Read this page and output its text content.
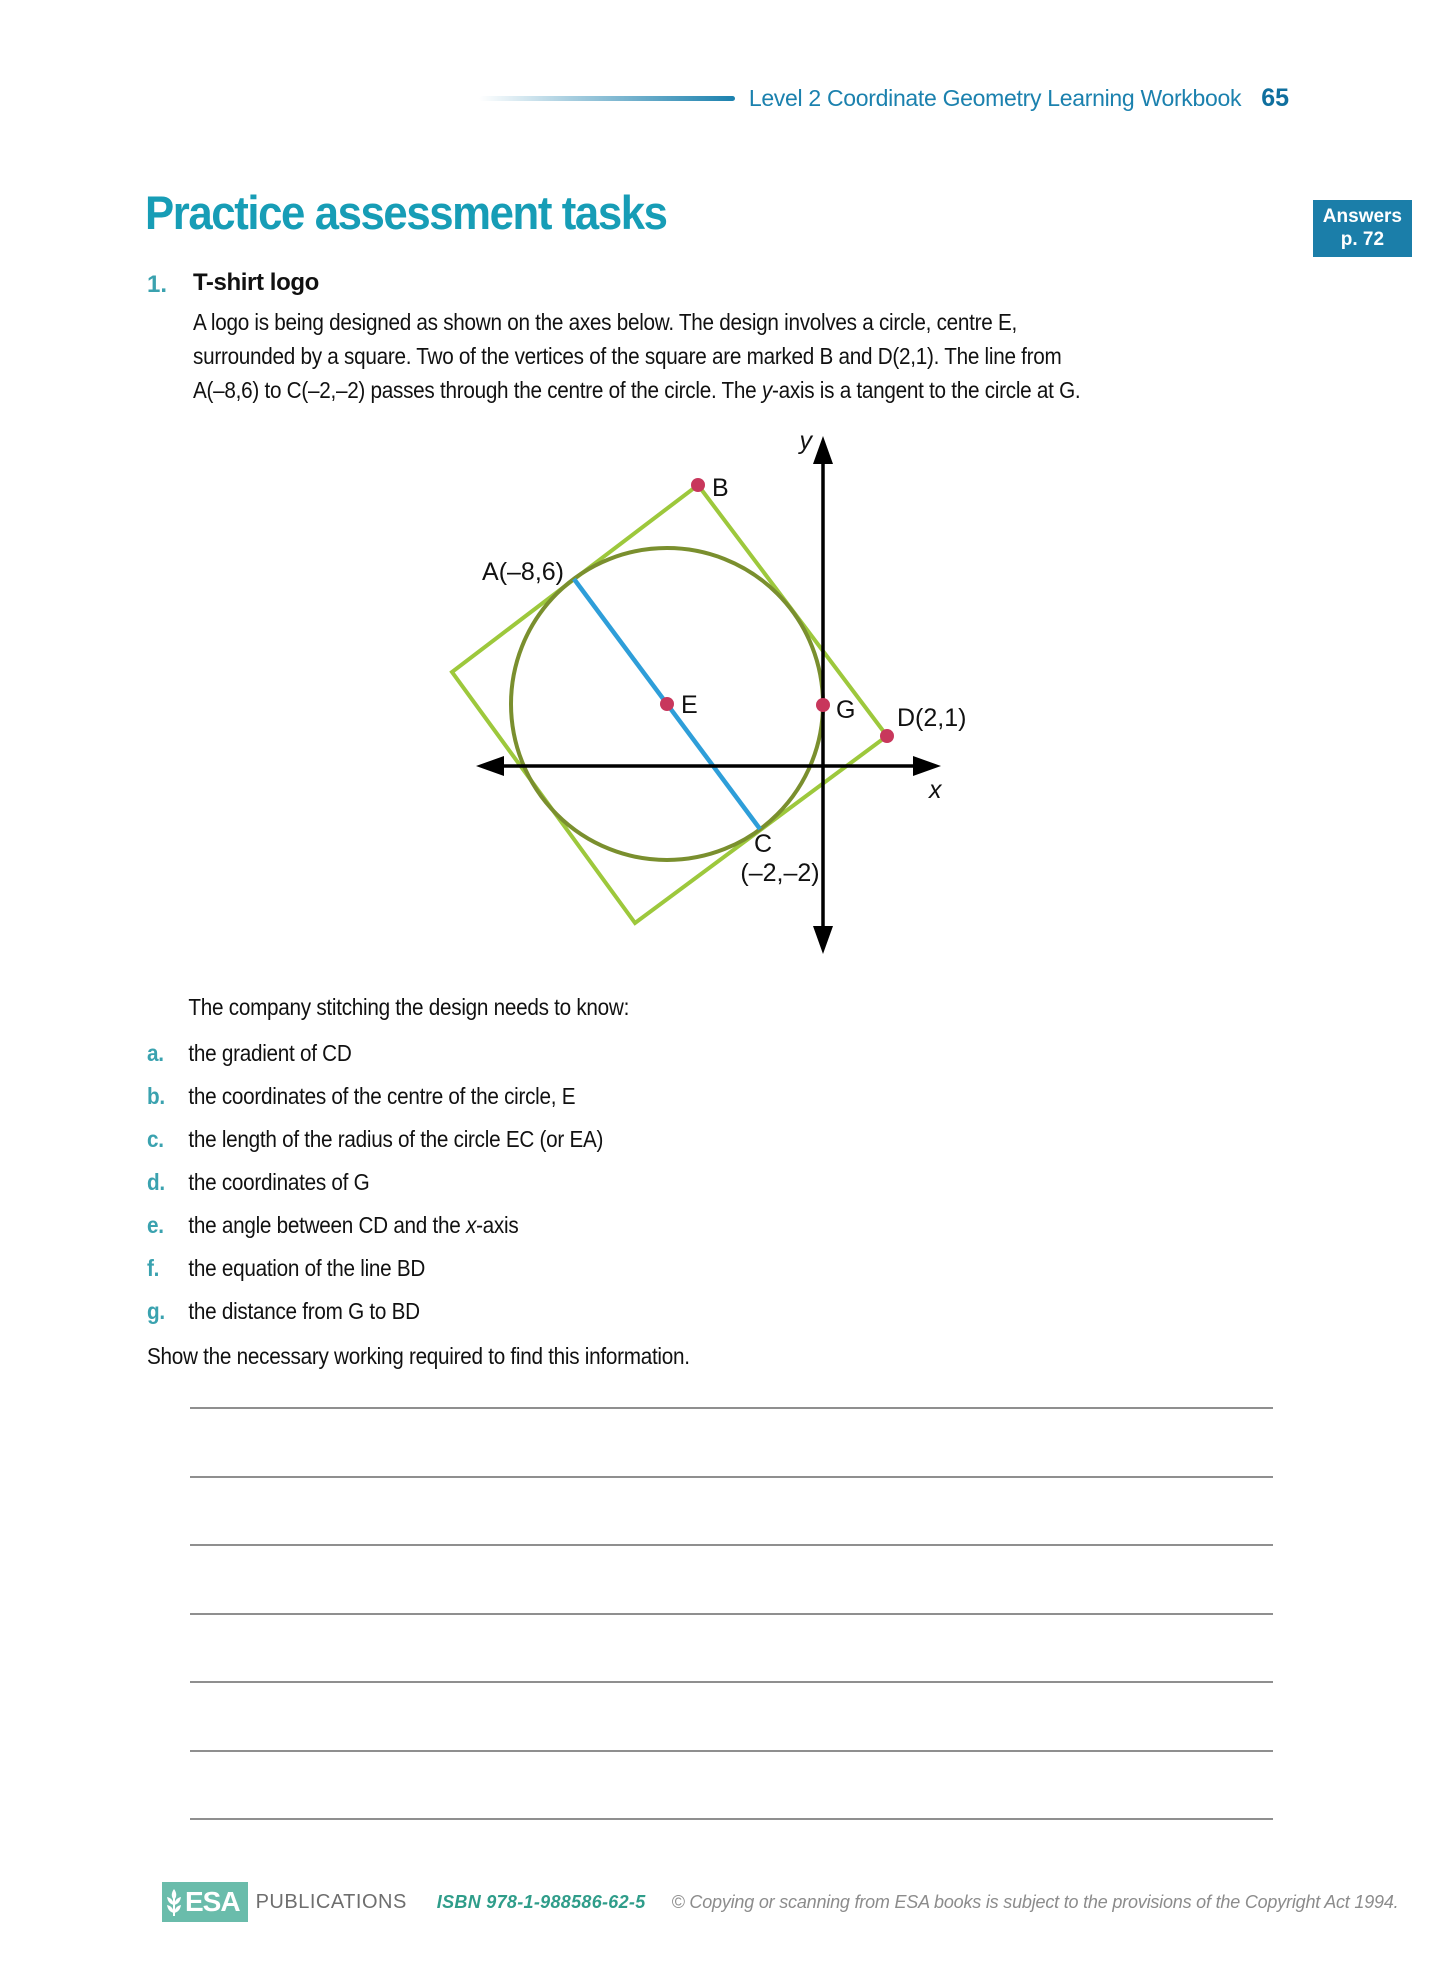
Level 2 Coordinate Geometry Learning Workbook 65
Practice assessment tasks	Answers
p. 72
1. T-shirt logo
A logo is being designed as shown on the axes below. The design involves a circle, centre E,
surrounded by a square. Two of the vertices of the square are marked B and D(2,1). The line from
A(–8,6) to C(–2,–2) passes through the centre of the circle. The y-axis is a tangent to the circle at G.
y
x
B
A(–8,6)
E	G D(2,1)
C
(–2,–2)
The company stitching the design needs to know:
a.	the gradient of CD
b.	the coordinates of the centre of the circle, E
c.	the length of the radius of the circle EC (or EA)
d.	the coordinates of G
e.	the angle between CD and the x-axis
f.	the equation of the line BD
g.	the distance from G to BD
Show the necessary working required to find this information.
ESA PUBLICATIONS ISBN 978-1-988586-62-5 © Copying or scanning from ESA books is subject to the provisions of the Copyright Act 1994.
